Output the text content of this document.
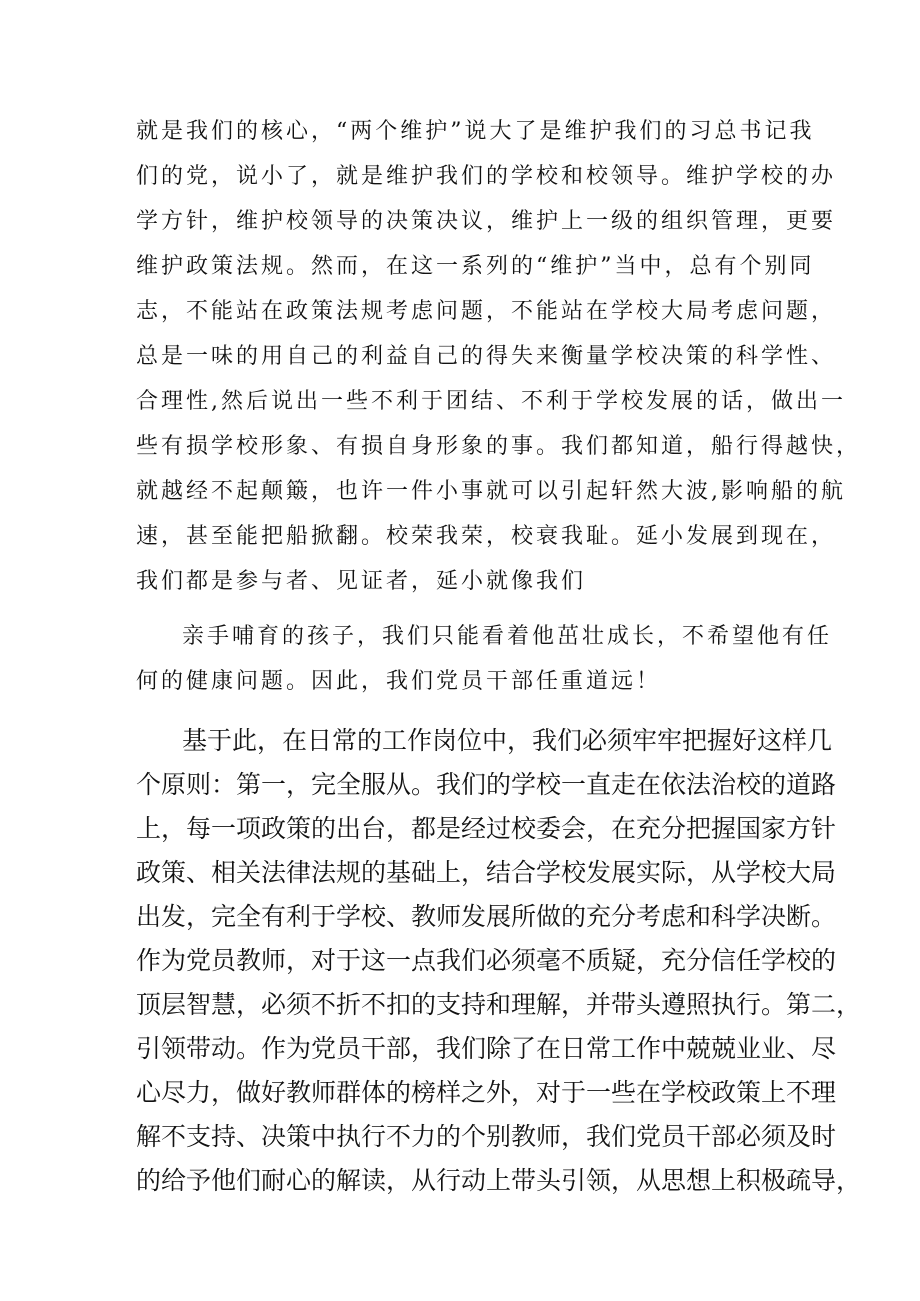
就是我们的核心，“两个维护”说大了是维护我们的习总书记我
们的党，说小了，就是维护我们的学校和校领导。维护学校的办
学方针，维护校领导的决策决议，维护上一级的组织管理，更要
维护政策法规。然而，在这一系列的“维护”当中，总有个别同
志，不能站在政策法规考虑问题，不能站在学校大局考虑问题，
总是一味的用自己的利益自己的得失来衡量学校决策的科学性、
合理性,然后说出一些不利于团结、不利于学校发展的话，做出一
些有损学校形象、有损自身形象的事。我们都知道，船行得越快，
就越经不起颠簸，也许一件小事就可以引起轩然大波,影响船的航
速，甚至能把船掀翻。校荣我荣，校衰我耻。延小发展到现在，
我们都是参与者、见证者，延小就像我们
亲手哺育的孩子，我们只能看着他茁壮成长，不希望他有任
何的健康问题。因此，我们党员干部任重道远！
基于此，在日常的工作岗位中，我们必须牢牢把握好这样几
个原则：第一，完全服从。我们的学校一直走在依法治校的道路
上，每一项政策的出台，都是经过校委会，在充分把握国家方针
政策、相关法律法规的基础上，结合学校发展实际，从学校大局
出发，完全有利于学校、教师发展所做的充分考虑和科学决断。
作为党员教师，对于这一点我们必须毫不质疑，充分信任学校的
顶层智慧，必须不折不扣的支持和理解，并带头遵照执行。第二，
引领带动。作为党员干部，我们除了在日常工作中兢兢业业、尽
心尽力，做好教师群体的榜样之外，对于一些在学校政策上不理
解不支持、决策中执行不力的个别教师，我们党员干部必须及时
的给予他们耐心的解读，从行动上带头引领，从思想上积极疏导，
